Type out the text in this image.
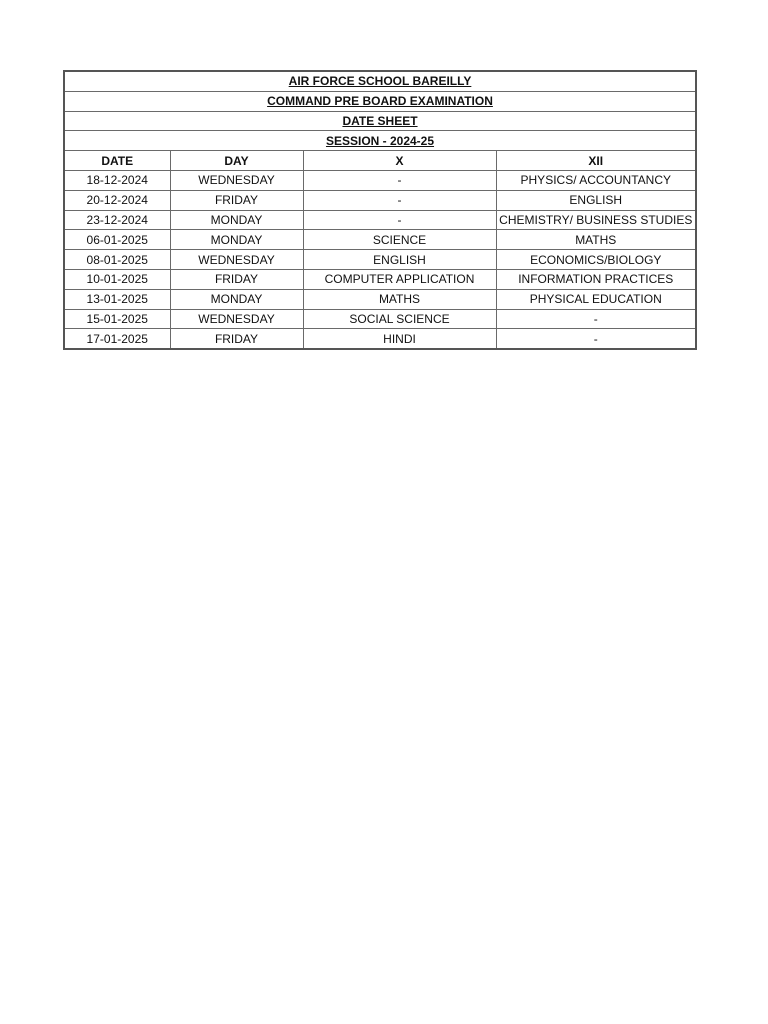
AIR FORCE SCHOOL BAREILLY			
COMMAND PRE BOARD EXAMINATION			
DATE SHEET			
SESSION - 2024-25			
DATE	DAY	X	XII
18-12-2024	WEDNESDAY	-	PHYSICS/ ACCOUNTANCY
20-12-2024	FRIDAY	-	ENGLISH
23-12-2024	MONDAY	-	CHEMISTRY/ BUSINESS STUDIES
06-01-2025	MONDAY	SCIENCE	MATHS
08-01-2025	WEDNESDAY	ENGLISH	ECONOMICS/BIOLOGY
10-01-2025	FRIDAY	COMPUTER APPLICATION	INFORMATION PRACTICES
13-01-2025	MONDAY	MATHS	PHYSICAL EDUCATION
15-01-2025	WEDNESDAY	SOCIAL SCIENCE	-
17-01-2025	FRIDAY	HINDI	-
